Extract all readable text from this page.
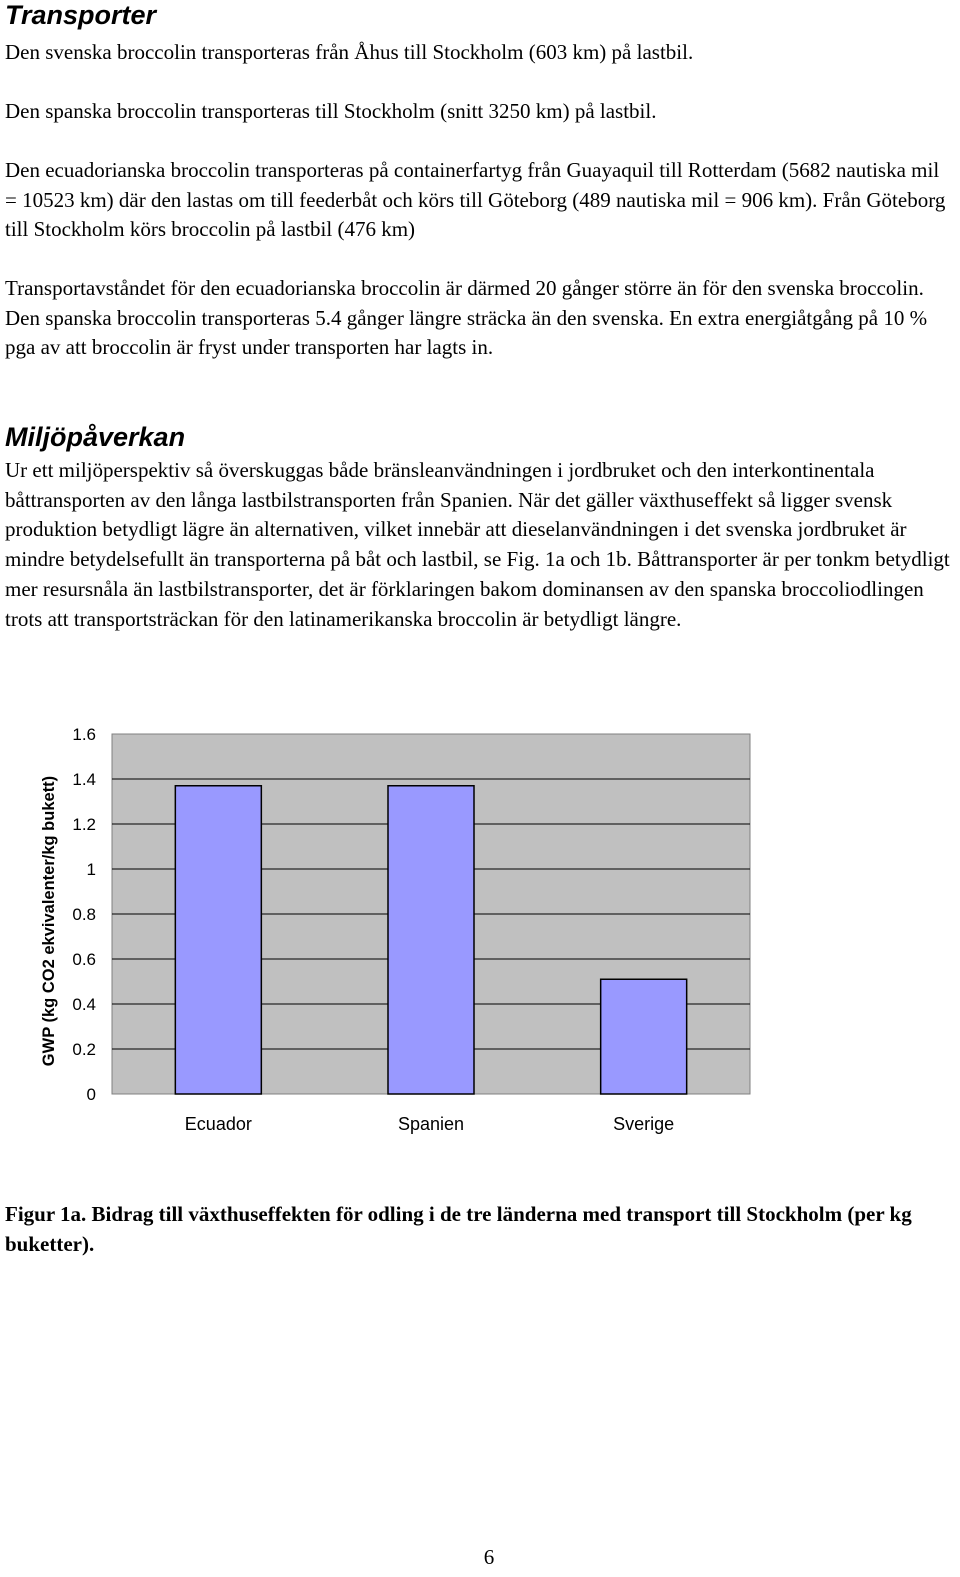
Transporter

Den svenska broccolin transporteras från Åhus till Stockholm (603 km) på lastbil.

Den spanska broccolin transporteras till Stockholm (snitt 3250 km) på lastbil.

Den ecuadorianska broccolin transporteras på containerfartyg från Guayaquil till Rotterdam (5682 nautiska mil = 10523 km) där den lastas om till feederbåt och körs till Göteborg (489 nautiska mil = 906 km). Från Göteborg till Stockholm körs broccolin på lastbil (476 km)

Transportavståndet för den ecuadorianska broccolin är därmed 20 gånger större än för den svenska broccolin. Den spanska broccolin transporteras 5.4 gånger längre sträcka än den svenska. En extra energiåtgång på 10 % pga av att broccolin är fryst under transporten har lagts in.

Miljöpåverkan

Ur ett miljöperspektiv så överskuggas både bränsleanvändningen i jordbruket och den interkontinentala båttransporten av den långa lastbilstransporten från Spanien. När det gäller växthuseffekt så ligger svensk produktion betydligt lägre än alternativen, vilket innebär att dieselanvändningen i det svenska jordbruket är mindre betydelsefullt än transporterna på båt och lastbil, se Fig. 1a och 1b. Båttransporter är per tonkm betydligt mer resursnåla än lastbilstransporter, det är förklaringen bakom dominansen av den spanska broccoliodlingen trots att transportsträckan för den latinamerikanska broccolin är betydligt längre.

0
0.2
0.4
0.6
0.8
1
1.2
1.4
1.6
Ecuador	Spanien	Sverige
GWP (kg CO2 ekvivalenter/kg bukett)

Figur 1a. Bidrag till växthuseffekten för odling i de tre länderna med transport till Stockholm (per kg buketter).

6
